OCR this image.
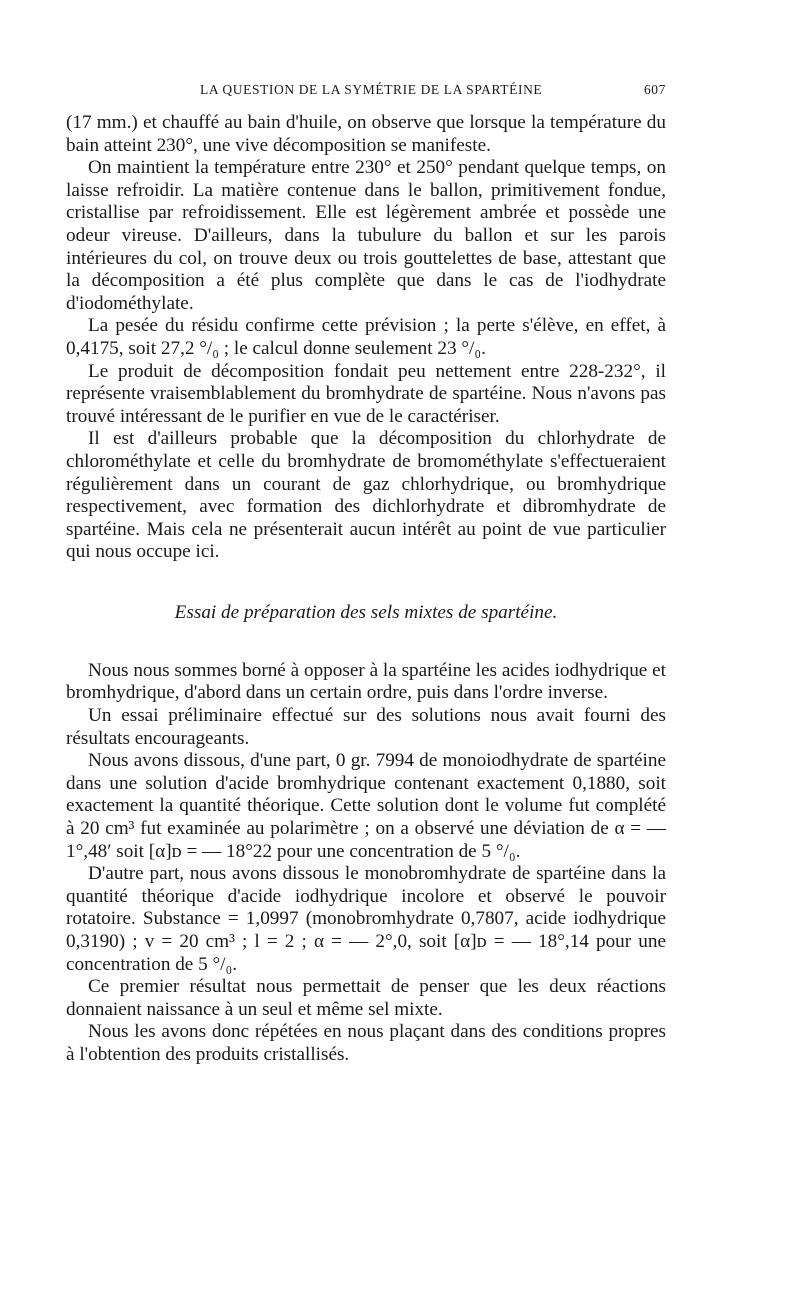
LA QUESTION DE LA SYMÉTRIE DE LA SPARTÉINE	607

(17 mm.) et chauffé au bain d'huile, on observe que lorsque la température du bain atteint 230°, une vive décomposition se manifeste.

On maintient la température entre 230° et 250° pendant quelque temps, on laisse refroidir. La matière contenue dans le ballon, primitivement fondue, cristallise par refroidissement. Elle est légèrement ambrée et possède une odeur vireuse. D'ailleurs, dans la tubulure du ballon et sur les parois intérieures du col, on trouve deux ou trois gouttelettes de base, attestant que la décomposition a été plus complète que dans le cas de l'iodhydrate d'iodométhylate.

La pesée du résidu confirme cette prévision ; la perte s'élève, en effet, à 0,4175, soit 27,2 °/₀ ; le calcul donne seulement 23 °/₀.

Le produit de décomposition fondait peu nettement entre 228-232°, il représente vraisemblablement du bromhydrate de spartéine. Nous n'avons pas trouvé intéressant de le purifier en vue de le caractériser.

Il est d'ailleurs probable que la décomposition du chlorhydrate de chlorométhylate et celle du bromhydrate de bromométhylate s'effectueraient régulièrement dans un courant de gaz chlorhydrique, ou bromhydrique respectivement, avec formation des dichlorhydrate et dibromhydrate de spartéine. Mais cela ne présenterait aucun intérêt au point de vue particulier qui nous occupe ici.

Essai de préparation des sels mixtes de spartéine.

Nous nous sommes borné à opposer à la spartéine les acides iodhydrique et bromhydrique, d'abord dans un certain ordre, puis dans l'ordre inverse.

Un essai préliminaire effectué sur des solutions nous avait fourni des résultats encourageants.

Nous avons dissous, d'une part, 0 gr. 7994 de monoiodhydrate de spartéine dans une solution d'acide bromhydrique contenant exactement 0,1880, soit exactement la quantité théorique. Cette solution dont le volume fut complété à 20 cm³ fut examinée au polarimètre ; on a observé une déviation de α = — 1°,48′ soit [α]ᴅ = — 18°22 pour une concentration de 5 °/₀.

D'autre part, nous avons dissous le monobromhydrate de spartéine dans la quantité théorique d'acide iodhydrique incolore et observé le pouvoir rotatoire. Substance = 1,0997 (monobromhydrate 0,7807, acide iodhydrique 0,3190) ; v = 20 cm³ ; l = 2 ; α = — 2°,0, soit [α]ᴅ = — 18°,14 pour une concentration de 5 °/₀.

Ce premier résultat nous permettait de penser que les deux réactions donnaient naissance à un seul et même sel mixte.

Nous les avons donc répétées en nous plaçant dans des conditions propres à l'obtention des produits cristallisés.
